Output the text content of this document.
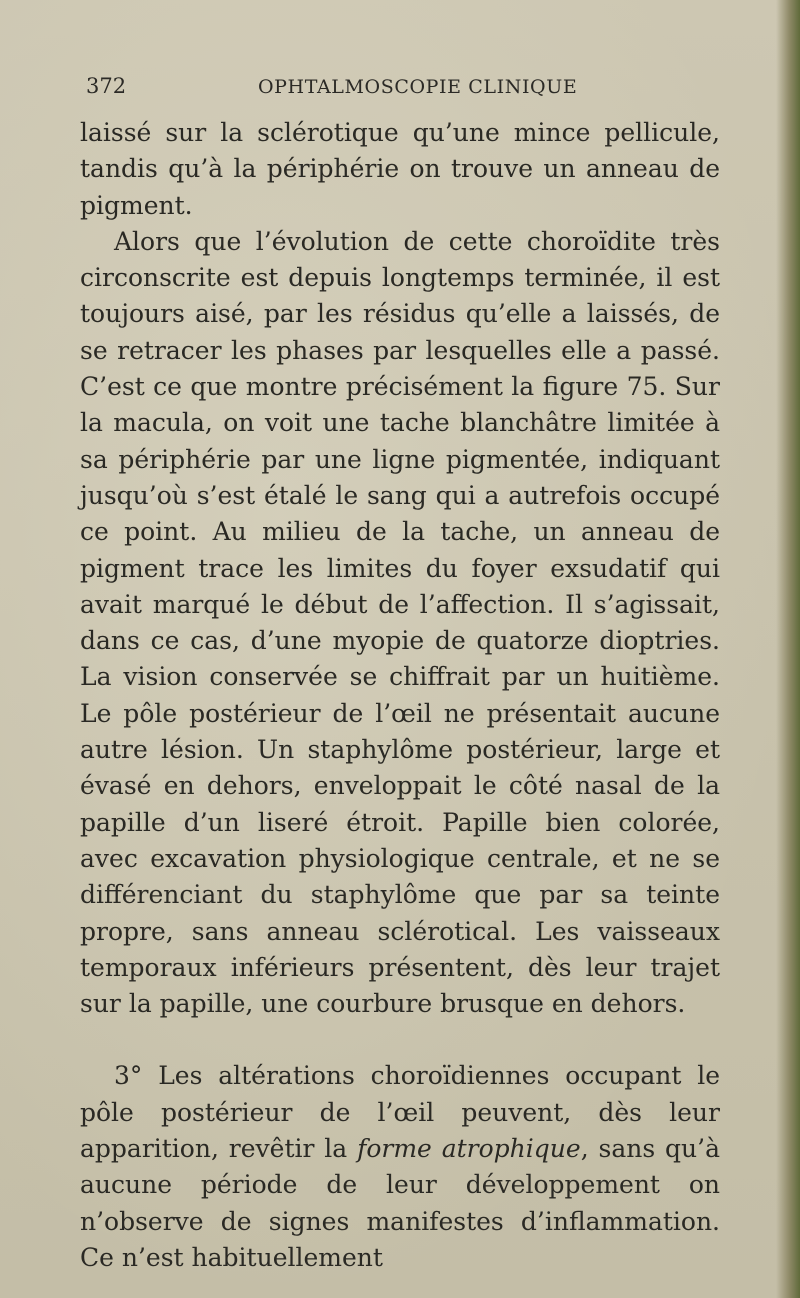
372	OPHTALMOSCOPIE CLINIQUE

laissé sur la sclérotique qu’une mince pellicule, tandis qu’à la périphérie on trouve un anneau de pigment.

Alors que l’évolution de cette choroïdite très circonscrite est depuis longtemps terminée, il est toujours aisé, par les résidus qu’elle a laissés, de se retracer les phases par lesquelles elle a passé. C’est ce que montre précisément la figure 75. Sur la macula, on voit une tache blanchâtre limitée à sa périphérie par une ligne pigmentée, indiquant jusqu’où s’est étalé le sang qui a autrefois occupé ce point. Au milieu de la tache, un anneau de pigment trace les limites du foyer exsudatif qui avait marqué le début de l’affection. Il s’agissait, dans ce cas, d’une myopie de quatorze dioptries. La vision conservée se chiffrait par un huitième. Le pôle postérieur de l’œil ne présentait aucune autre lésion. Un staphylôme postérieur, large et évasé en dehors, enveloppait le côté nasal de la papille d’un liseré étroit. Papille bien colorée, avec excavation physiologique centrale, et ne se différenciant du staphylôme que par sa teinte propre, sans anneau sclérotical. Les vaisseaux temporaux inférieurs présentent, dès leur trajet sur la papille, une courbure brusque en dehors.

3° Les altérations choroïdiennes occupant le pôle postérieur de l’œil peuvent, dès leur apparition, revêtir la forme atrophique, sans qu’à aucune période de leur développement on n’observe de signes manifestes d’inflammation. Ce n’est habituellement
